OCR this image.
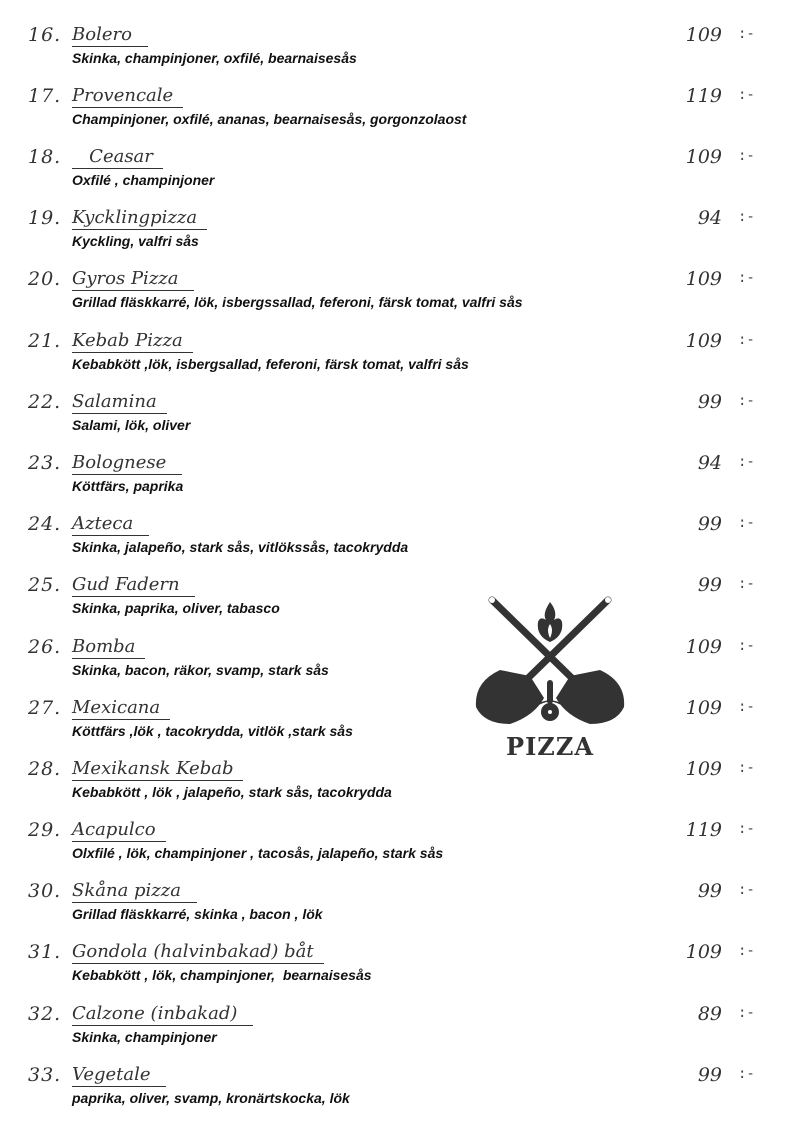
16. Bolero
Skinka, champinjoner, oxfilé, bearnaisesås
109 :-
17. Provencale
Champinjoner, oxfilé, ananas, bearnaisesås, gorgonzolaost
119 :-
18. Ceasar
Oxfilé , champinjoner
109 :-
19. Kycklingpizza
Kyckling, valfri sås
94 :-
20. Gyros Pizza
Grillad fläskkarré, lök, isbergssallad, feferoni, färsk tomat, valfri sås
109 :-
21. Kebab Pizza
Kebabkött ,lök, isbergsallad, feferoni, färsk tomat, valfri sås
109 :-
22. Salamina
Salami, lök, oliver
99 :-
23. Bolognese
Köttfärs, paprika
94 :-
24. Azteca
Skinka, jalapeño, stark sås, vitlökssås, tacokrydda
99 :-
25. Gud Fadern
Skinka, paprika, oliver, tabasco
99 :-
26. Bomba
Skinka, bacon, räkor, svamp, stark sås
109 :-
27. Mexicana
Köttfärs ,lök , tacokrydda, vitlök ,stark sås
109 :-
28. Mexikansk Kebab
Kebabkött , lök , jalapeño, stark sås, tacokrydda
109 :-
29. Acapulco
Olxfilé , lök, champinjoner , tacosås, jalapeño, stark sås
119 :-
30. Skåna pizza
Grillad fläskkarré, skinka , bacon , lök
99 :-
31. Gondola (halvinbakad) båt
Kebabkött , lök, champinjoner,  bearnaisesås
109 :-
32. Calzone (inbakad)
Skinka, champinjoner
89 :-
33. Vegetale
paprika, oliver, svamp, kronärtskocka, lök
99 :-
PIZZA
